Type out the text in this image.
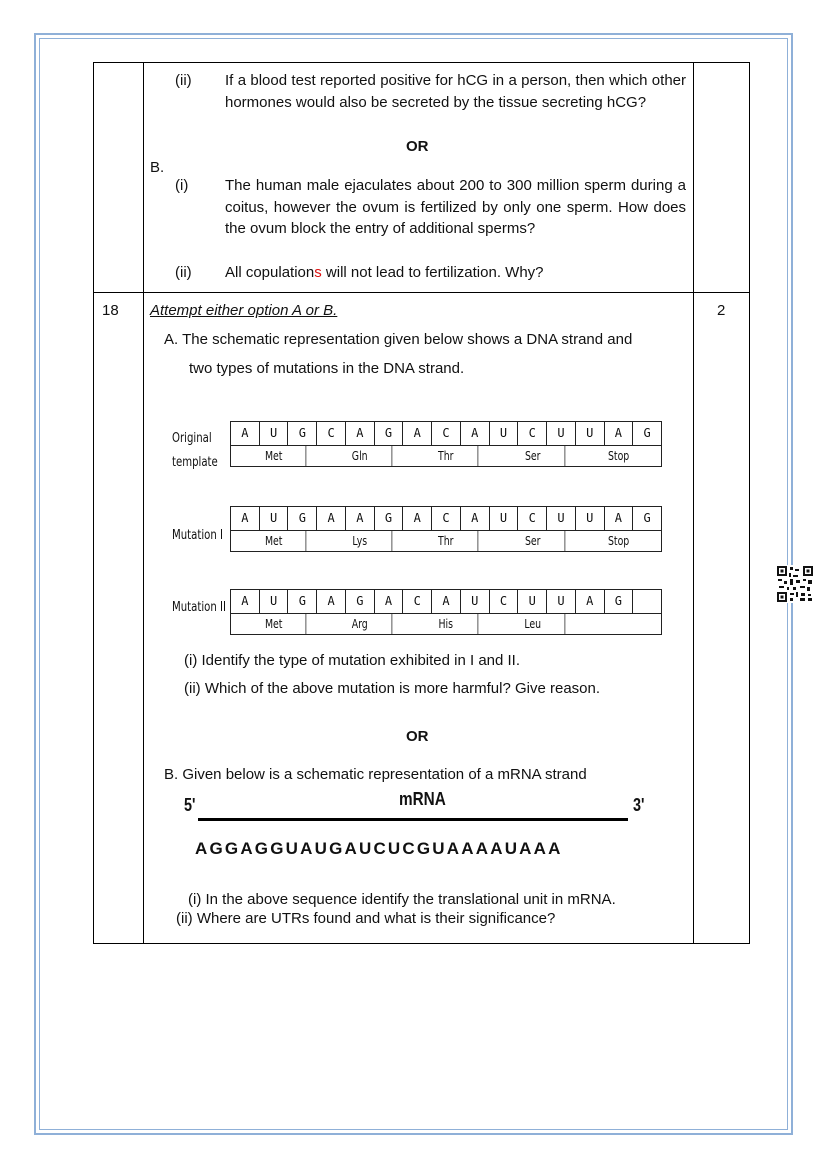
(ii) If a blood test reported positive for hCG in a person, then which other hormones would also be secreted by the tissue secreting hCG?
OR
B.
(i) The human male ejaculates about 200 to 300 million sperm during a coitus, however the ovum is fertilized by only one sperm. How does the ovum block the entry of additional sperms?
(ii) All copulations will not lead to fertilization. Why?
18	2
Attempt either option A or B.
A. The schematic representation given below shows a DNA strand and
two types of mutations in the DNA strand.
Original
template
A	U	G	C	A	G	A	C	A	U	C	U	U	A	G
Met	Gln	Thr	Ser	Stop
Mutation I
A	U	G	A	A	G	A	C	A	U	C	U	U	A	G
Met	Lys	Thr	Ser	Stop
Mutation II	A	U	G	A	G	A	C	A	U	C	U	U	A	G
Met	Arg	His	Leu
(i) Identify the type of mutation exhibited in I and II.
(ii) Which of the above mutation is more harmful? Give reason.
OR
B. Given below is a schematic representation of a mRNA strand
5'	mRNA	3'
AGGAGGUAUGAUCUCGUAAAAUAAA
(i) In the above sequence identify the translational unit in mRNA.
(ii) Where are UTRs found and what is their significance?
